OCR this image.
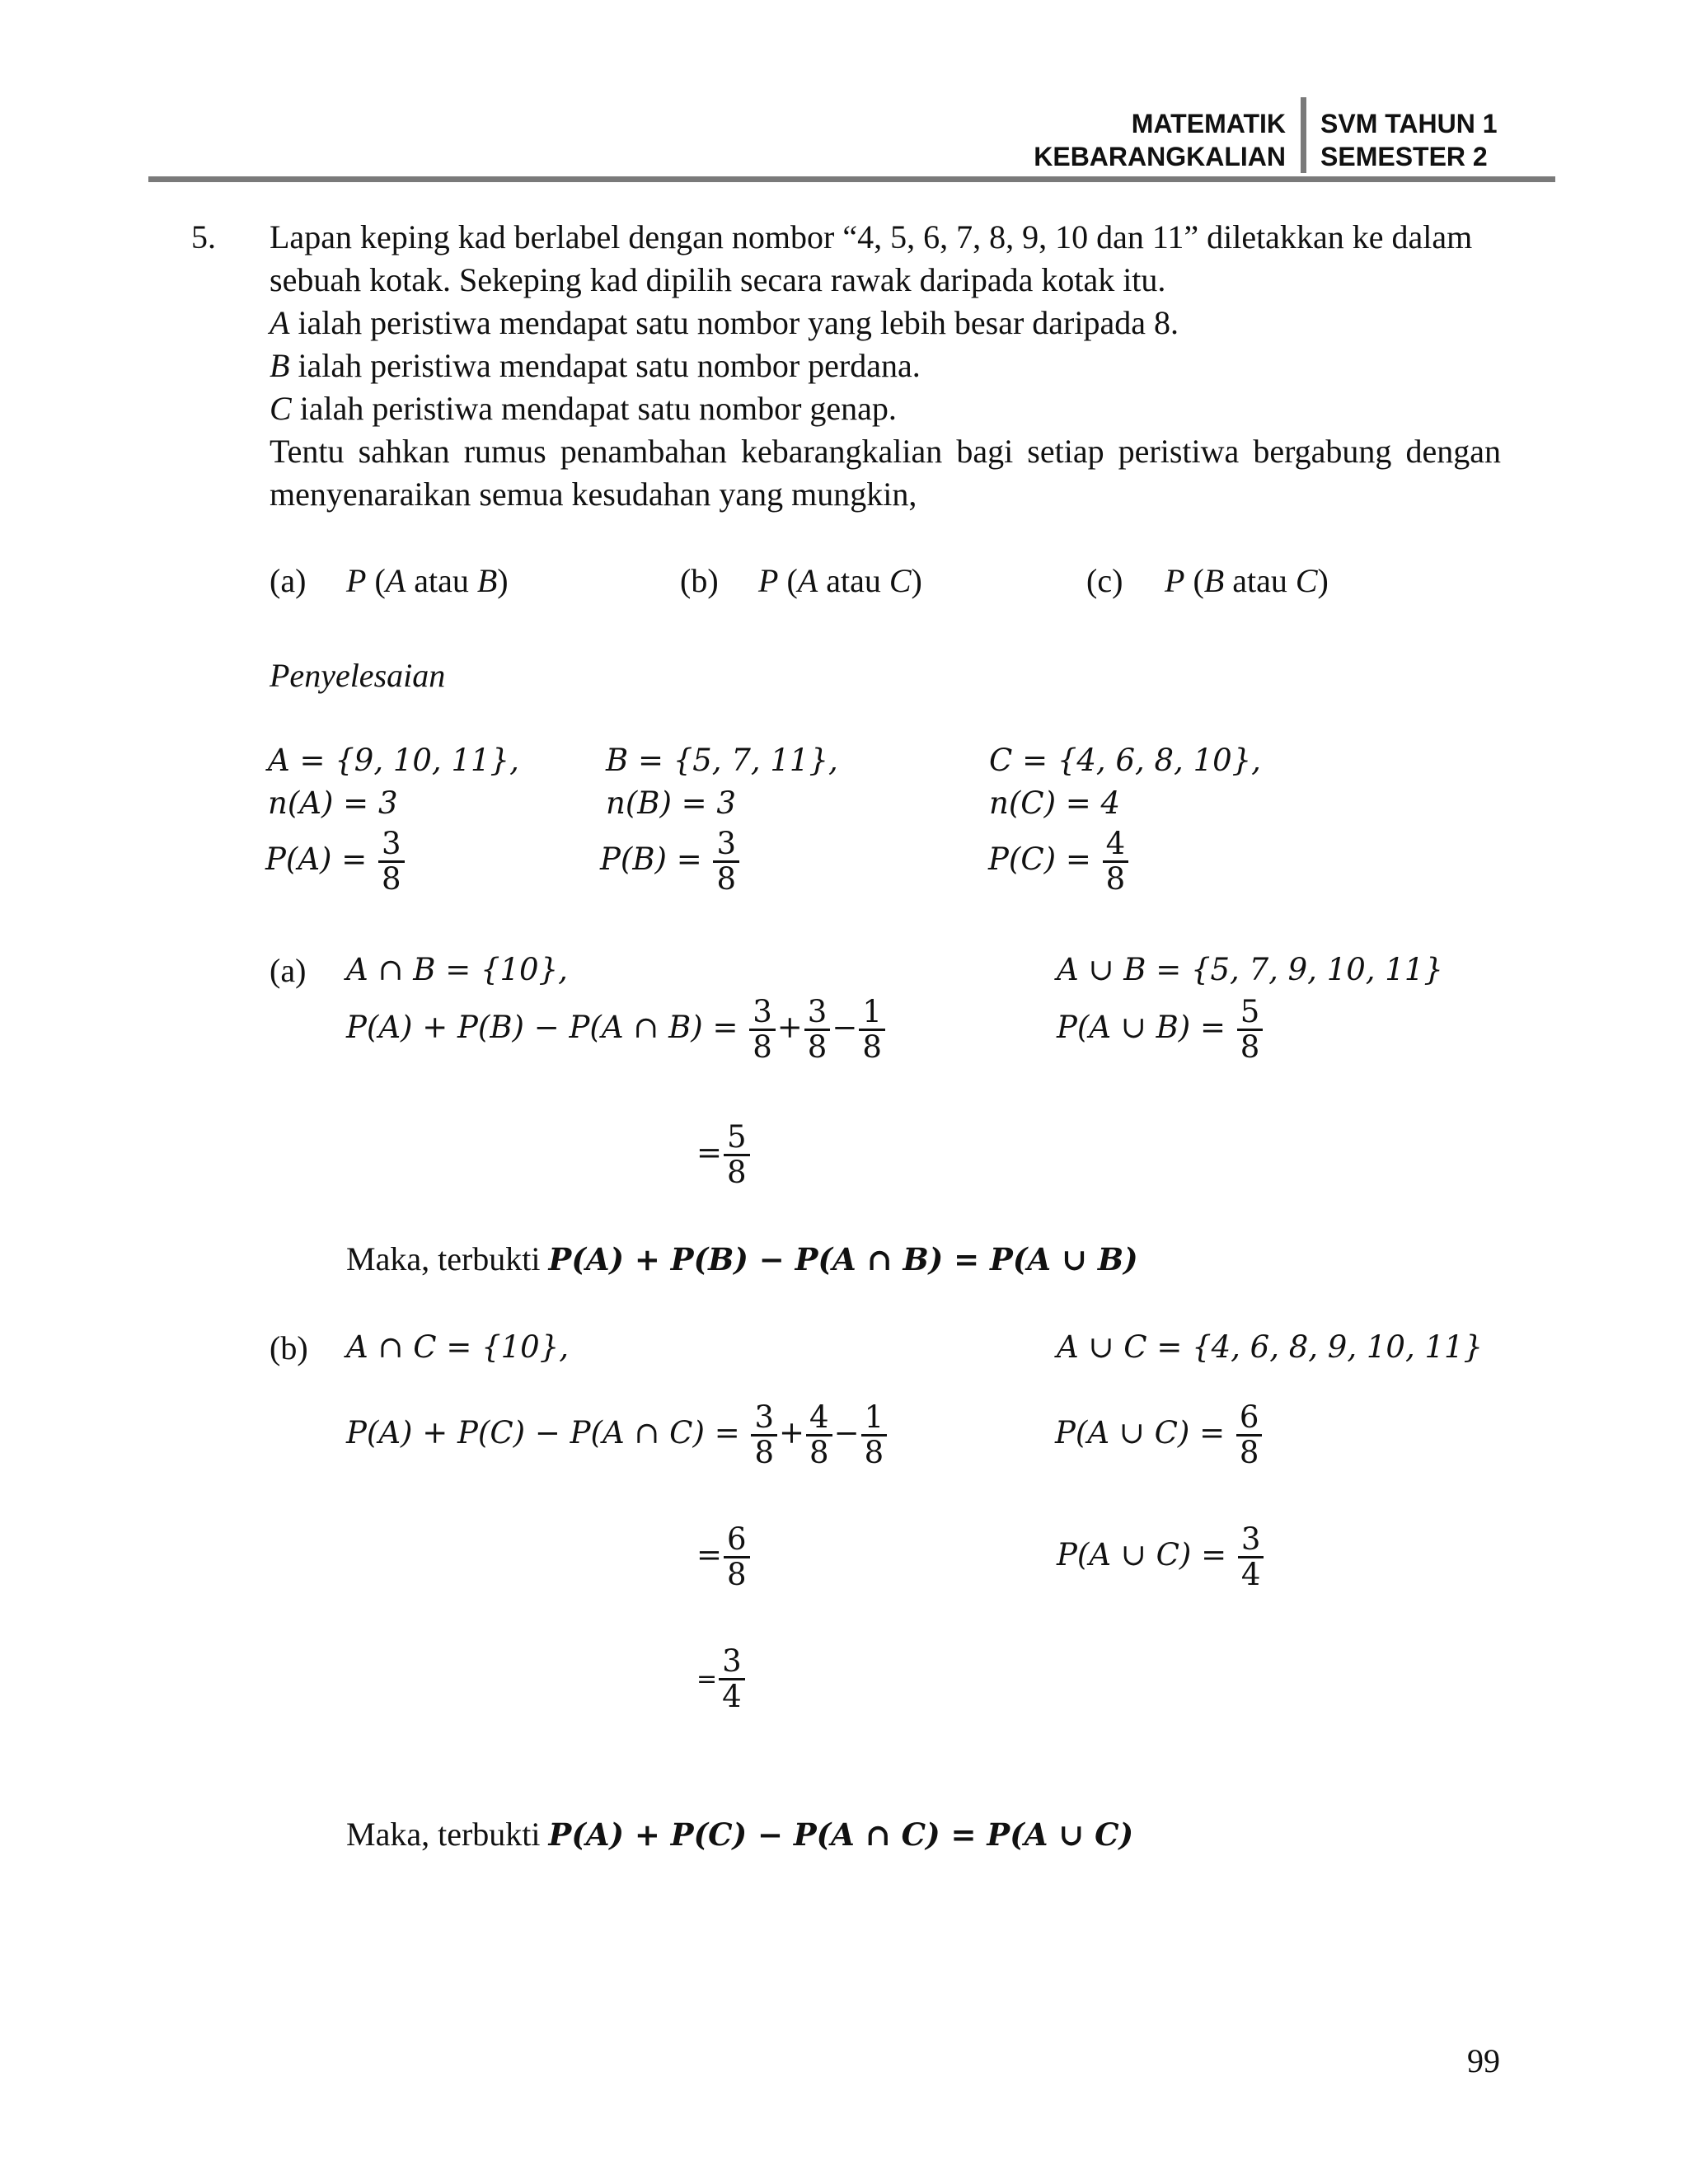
MATEMATIK
KEBARANGKALIAN
SVM TAHUN 1
SEMESTER 2
5. Lapan keping kad berlabel dengan nombor “4, 5, 6, 7, 8, 9, 10 dan 11” diletakkan ke dalam
sebuah kotak. Sekeping kad dipilih secara rawak daripada kotak itu.
A ialah peristiwa mendapat satu nombor yang lebih besar daripada 8.
B ialah peristiwa mendapat satu nombor perdana.
C ialah peristiwa mendapat satu nombor genap.
Tentu sahkan rumus penambahan kebarangkalian bagi setiap peristiwa bergabung dengan
menyenaraikan semua kesudahan yang mungkin,
(a) P (A atau B)	(b) P (A atau C)	(c) P (B atau C)
Penyelesaian
A = {9, 10, 11},	B = {5, 7, 11},	C = {4, 6, 8, 10},
n(A) = 3	n(B) = 3	n(C) = 4
$P(A) = \frac{3}{8}$	$P(B) = \frac{3}{8}$	$P(C) = \frac{4}{8}$
(a) A ∩ B = {10},	A ∪ B = {5, 7, 9, 10, 11}
P(A) + P(B) − P(A ∩ $B) = \frac{3}{8} + \frac{3}{8} - \frac{1}{8}$	P(A ∪ $B) = \frac{5}{8}$
= $\frac{5}{8}$
Maka, terbukti P(A) + P(B) − P(A ∩ B) = P(A ∪ B)
(b) A ∩ C = {10},	A ∪ C = {4, 6, 8, 9, 10, 11}
P(A) + P(C) − P(A ∩ $C) = \frac{3}{8} + \frac{4}{8} - \frac{1}{8}$	P(A ∪ $C) = \frac{6}{8}$
= $\frac{6}{8}$	P(A ∪ $C) = \frac{3}{4}$
= $\frac{3}{4}$
Maka, terbukti P(A) + P(C) − P(A ∩ C) = P(A ∪ C)
99
